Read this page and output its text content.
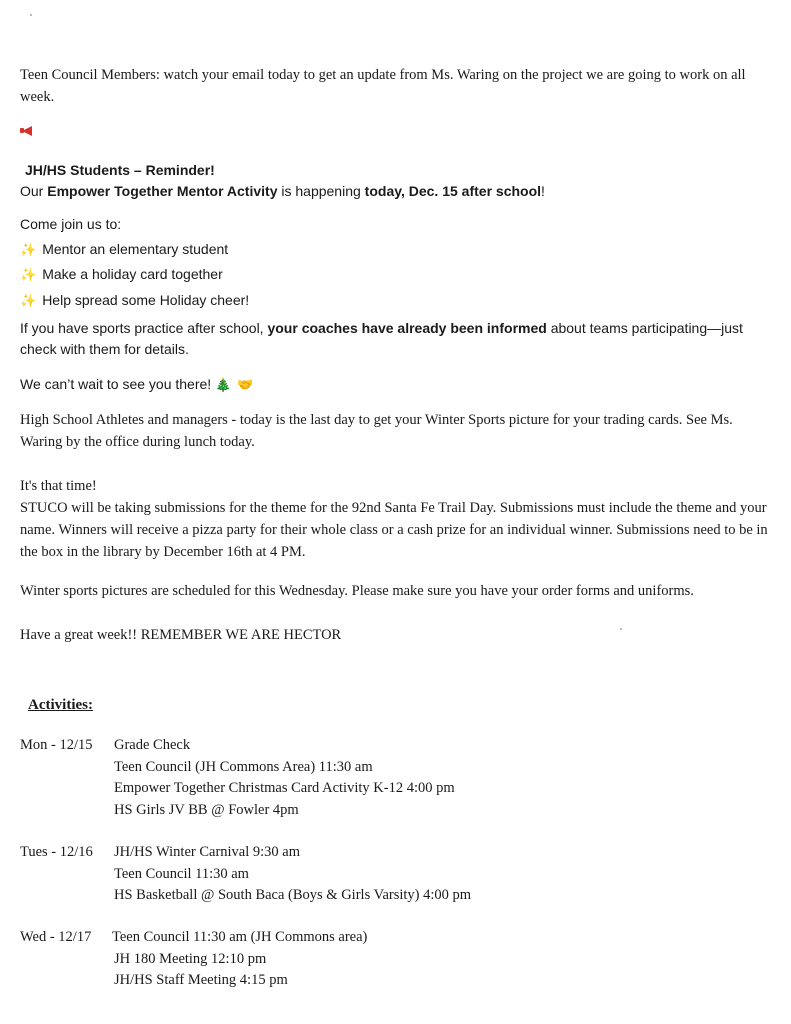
Teen Council Members: watch your email today to get an update from Ms. Waring on the project we are going to work on all week.

JH/HS Students – Reminder!
Our Empower Together Mentor Activity is happening today, Dec. 15 after school!
Come join us to:
✨ Mentor an elementary student
✨ Make a holiday card together
✨ Help spread some Holiday cheer!

If you have sports practice after school, your coaches have already been informed about teams participating—just check with them for details.

We can’t wait to see you there! 🎄 🤝

High School Athletes and managers - today is the last day to get your Winter Sports picture for your trading cards. See Ms. Waring by the office during lunch today.

It's that time!
STUCO will be taking submissions for the theme for the 92nd Santa Fe Trail Day. Submissions must include the theme and your name. Winners will receive a pizza party for their whole class or a cash prize for an individual winner. Submissions need to be in the box in the library by December 16th at 4 PM.

Winter sports pictures are scheduled for this Wednesday. Please make sure you have your order forms and uniforms.

Have a great week!! REMEMBER WE ARE HECTOR

Activities:
Mon - 12/15 Grade Check
Teen Council (JH Commons Area) 11:30 am
Empower Together Christmas Card Activity K-12 4:00 pm
HS Girls JV BB @ Fowler 4pm
Tues - 12/16 JH/HS Winter Carnival 9:30 am
Teen Council 11:30 am
HS Basketball @ South Baca (Boys & Girls Varsity) 4:00 pm
Wed - 12/17 Teen Council 11:30 am (JH Commons area)
JH 180 Meeting 12:10 pm
JH/HS Staff Meeting 4:15 pm
